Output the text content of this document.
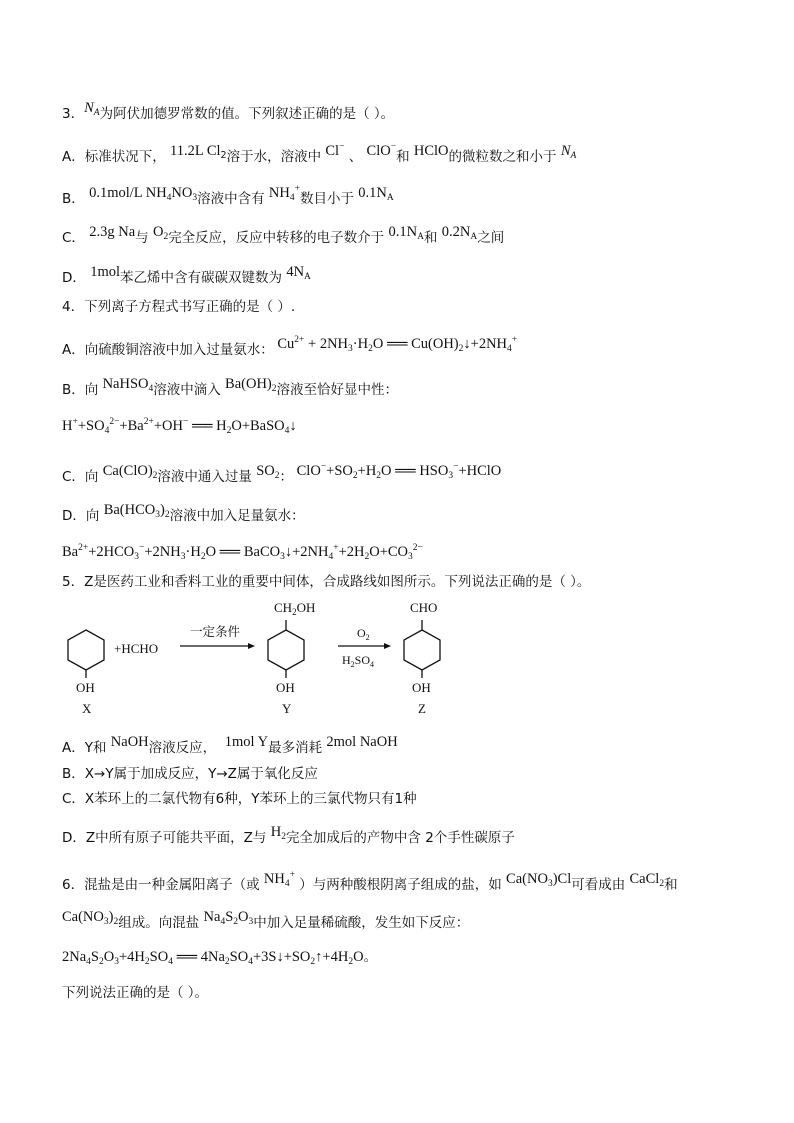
3．$N_A$为阿伏加德罗常数的值。下列叙述正确的是（ ）。
A．标准状况下， 11.2L $Cl_2$溶于水，溶液中 Cl− 、 ClO−和 HClO的微粒数之和小于 $N_A$
B． 0.1mol/L $NH_4NO_3$溶液中含有 $NH_4^+$数目小于 $0.1N_A$
C． 2.3g Na与 $O_2$完全反应，反应中转移的电子数介于 $0.1N_A$和 $0.2N_A$之间
D． 1mol苯乙烯中含有碳碳双键数为 $4N_A$
4．下列离子方程式书写正确的是（ ）.
A．向硫酸铜溶液中加入过量氨水： $Cu^{2+} + 2NH_3\cdot H_2O$ ══ $Cu(OH)_2↓+2NH_4^+$
B．向 NaHSO$_4$溶液中滴入 $Ba(OH)_2$溶液至恰好显中性：
$H^++SO_4^{2-}+Ba^{2+}+OH^-$ ══ $H_2O+BaSO_4↓$
C．向 $Ca(ClO)_2$溶液中通入过量 $SO_2$： $ClO^-+SO_2+H_2O$ ══ $HSO_3^-+HClO$
D．向 $Ba(HCO_3)_2$溶液中加入足量氨水：
$Ba^{2+}+2HCO_3^-+2NH_3\cdot H_2O$ ══ $BaCO_3↓+2NH_4^++2H_2O+CO_3^{2-}$
5．Z是医药工业和香料工业的重要中间体，合成路线如图所示。下列说法正确的是（ ）。
OH
X
+HCHO
一定条件
$CH_2OH$
OH
Y
$O_2$
$H_2SO_4$
CHO
OH
Z
A．Y和 NaOH溶液反应， 1mol Y最多消耗 2mol NaOH
B．X→Y属于加成反应，Y→Z属于氧化反应
C．X苯环上的二氯代物有6种，Y苯环上的三氯代物只有1种
D．Z中所有原子可能共平面，Z与 $H_2$完全加成后的产物中含 2个手性碳原子
6．混盐是由一种金属阳离子（或 $NH_4^+$ ）与两种酸根阴离子组成的盐，如 $Ca(NO_3)Cl$可看成由 CaCl$_2$和
$Ca(NO_3)_2$组成。向混盐 $Na_4S_2O_3$中加入足量稀硫酸，发生如下反应：
$2Na_4S_2O_3+4H_2SO_4$ ══ $4Na_2SO_4+3S↓+SO_2↑+4H_2O$。
下列说法正确的是（ ）。
